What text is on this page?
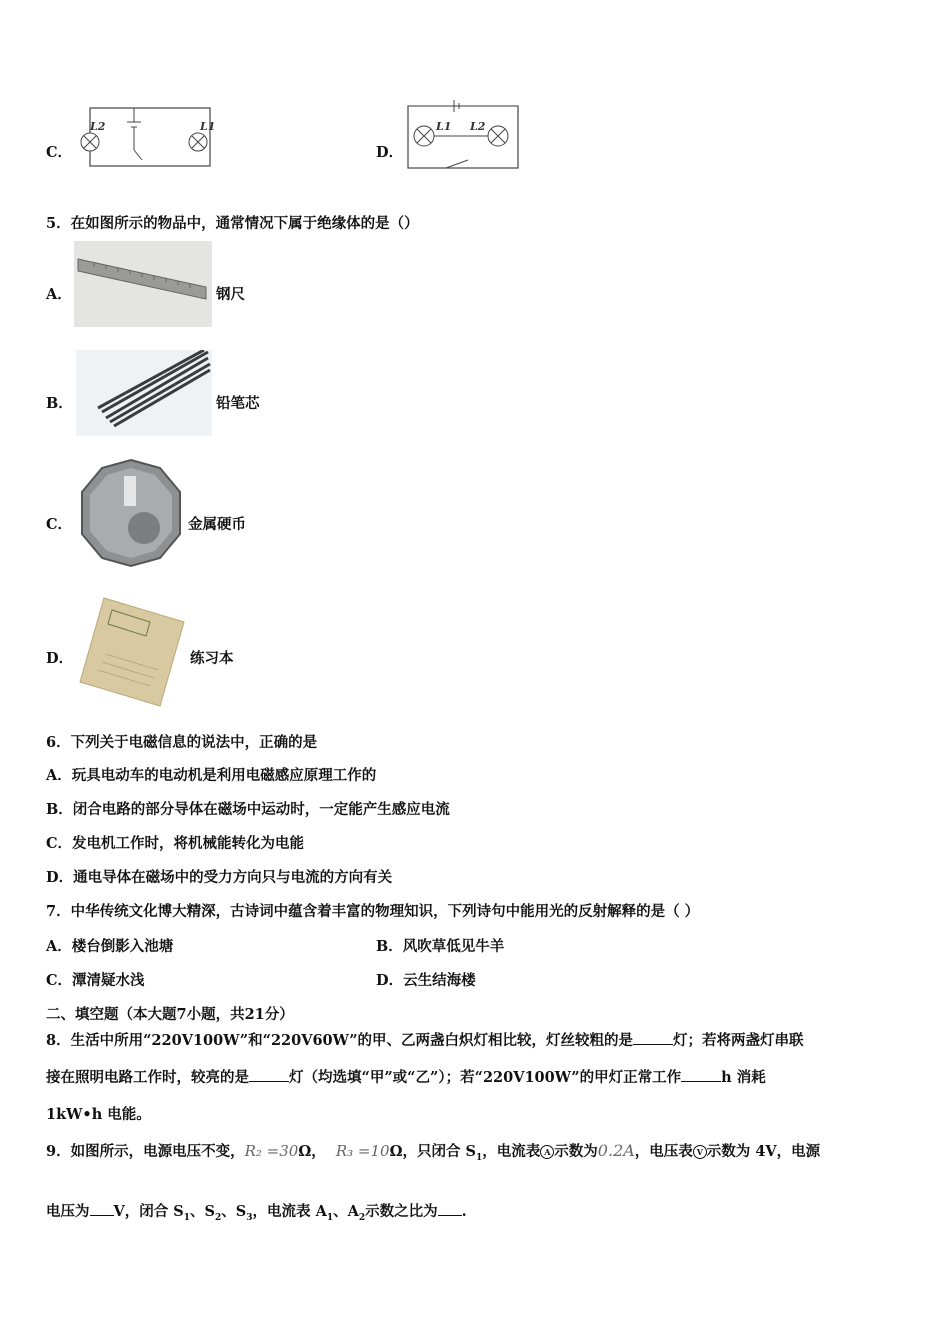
C．
L2	L1
D．
L1 L2
5．在如图所示的物品中，通常情况下属于绝缘体的是（）
A．	钢尺
B．	铅笔芯
C．	金属硬币
D．	练习本
6．下列关于电磁信息的说法中，正确的是
A．玩具电动车的电动机是利用电磁感应原理工作的
B．闭合电路的部分导体在磁场中运动时，一定能产生感应电流
C．发电机工作时，将机械能转化为电能
D．通电导体在磁场中的受力方向只与电流的方向有关
7．中华传统文化博大精深，古诗词中蕴含着丰富的物理知识，下列诗句中能用光的反射解释的是（ ）
A．楼台倒影入池塘	B．风吹草低见牛羊
C．潭清疑水浅	D．云生结海楼
二、填空题（本大题7小题，共21分）
8．生活中所用“220V100W”和“220V60W”的甲、乙两盏白炽灯相比较，灯丝较粗的是	灯；若将两盏灯串联
接在照明电路工作时，较亮的是	灯（均选填“甲”或“乙”）；若“220V100W”的甲灯正常工作	h 消耗
1kW•h 电能。
9．如图所示，电源电压不变，R₂ =30Ω， R₃ =10Ω，只闭合 $S_1$，电流表 A 示数为0.2A，电压表 V 示数为 4V，电源
电压为 V，闭合 $S_1$、$S_2$、$S_3$，电流表 $A_1$、$A_2$示数之比为 .
